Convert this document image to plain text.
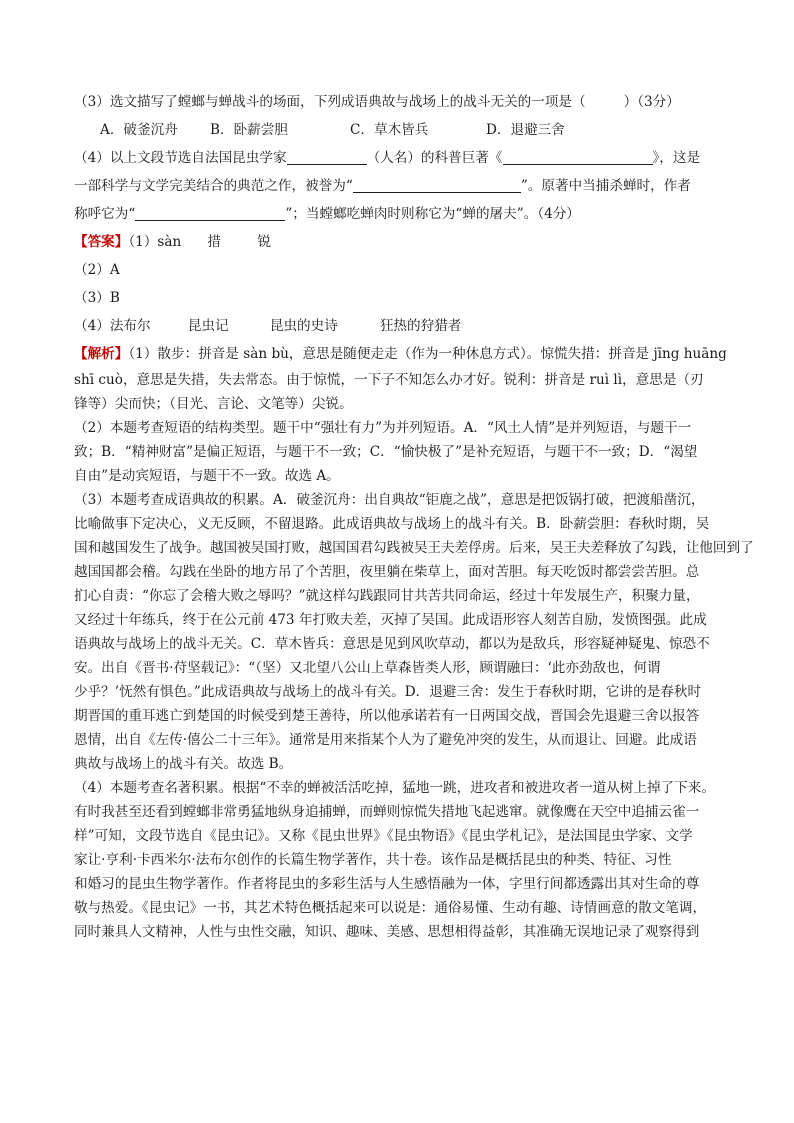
（3）选文描写了螳螂与蝉战斗的场面，下列成语典故与战场上的战斗无关的一项是（	）（3分）
A．破釜沉舟 B．卧薪尝胆	C．草木皆兵	D．退避三舍
（4）以上文段节选自法国昆虫学家	（人名）的科普巨著《	》，这是
一部科学与文学完美结合的典范之作，被誉为“	”。原著中当捕杀蝉时，作者
称呼它为“	”；当螳螂吃蝉肉时则称它为“蝉的屠夫”。（4分）
【答案】（1）sàn 措	锐
（2）A
（3）B
（4）法布尔	昆虫记	昆虫的史诗	狂热的狩猎者
【解析】（1）散步：拼音是 sàn bù，意思是随便走走（作为一种休息方式）。惊慌失措：拼音是 jīng huāng
shī cuò，意思是失措，失去常态。由于惊慌，一下子不知怎么办才好。锐利：拼音是 ruì lì，意思是（刃
锋等）尖而快；（目光、言论、文笔等）尖锐。
（2）本题考查短语的结构类型。题干中“强壮有力”为并列短语。A．“风土人情”是并列短语，与题干一
致；B．“精神财富”是偏正短语，与题干不一致；C．“愉快极了”是补充短语，与题干不一致；D．“渴望
自由”是动宾短语，与题干不一致。故选 A。
（3）本题考查成语典故的积累。A．破釜沉舟：出自典故“钜鹿之战”，意思是把饭锅打破，把渡船凿沉，
比喻做事下定决心，义无反顾，不留退路。此成语典故与战场上的战斗有关。B．卧薪尝胆：春秋时期，吴
国和越国发生了战争。越国被吴国打败，越国国君勾践被吴王夫差俘虏。后来，吴王夫差释放了勾践，让他回到了
越国国都会稽。勾践在坐卧的地方吊了个苦胆，夜里躺在柴草上，面对苦胆。每天吃饭时都尝尝苦胆。总
扪心自责：“你忘了会稽大败之辱吗？”就这样勾践跟同甘共苦共同命运，经过十年发展生产，积聚力量，
又经过十年练兵，终于在公元前 473 年打败夫差，灭掉了吴国。此成语形容人刻苦自励，发愤图强。此成
语典故与战场上的战斗无关。C．草木皆兵：意思是见到风吹草动，都以为是敌兵，形容疑神疑鬼、惊恐不
安。出自《晋书·苻坚载记》：“（坚）又北望八公山上草森皆类人形，顾谓融曰：‘此亦劲敌也，何谓
少乎？’怃然有惧色。”此成语典故与战场上的战斗有关。D．退避三舍：发生于春秋时期，它讲的是春秋时
期晋国的重耳逃亡到楚国的时候受到楚王善待，所以他承诺若有一日两国交战，晋国会先退避三舍以报答
恩情，出自《左传·僖公二十三年》。通常是用来指某个人为了避免冲突的发生，从而退让、回避。此成语
典故与战场上的战斗有关。故选 B。
（4）本题考查名著积累。根据“不幸的蝉被活活吃掉，猛地一跳，进攻者和被进攻者一道从树上掉了下来。
有时我甚至还看到螳螂非常勇猛地纵身追捕蝉，而蝉则惊慌失措地飞起逃窜。就像鹰在天空中追捕云雀一
样”可知，文段节选自《昆虫记》。又称《昆虫世界》《昆虫物语》《昆虫学札记》，是法国昆虫学家、文学
家让·亨利·卡西米尔·法布尔创作的长篇生物学著作，共十卷。该作品是概括昆虫的种类、特征、习性
和婚习的昆虫生物学著作。作者将昆虫的多彩生活与人生感悟融为一体，字里行间都透露出其对生命的尊
敬与热爱。《昆虫记》一书，其艺术特色概括起来可以说是：通俗易懂、生动有趣、诗情画意的散文笔调，
同时兼具人文精神，人性与虫性交融，知识、趣味、美感、思想相得益彰，其准确无误地记录了观察得到
